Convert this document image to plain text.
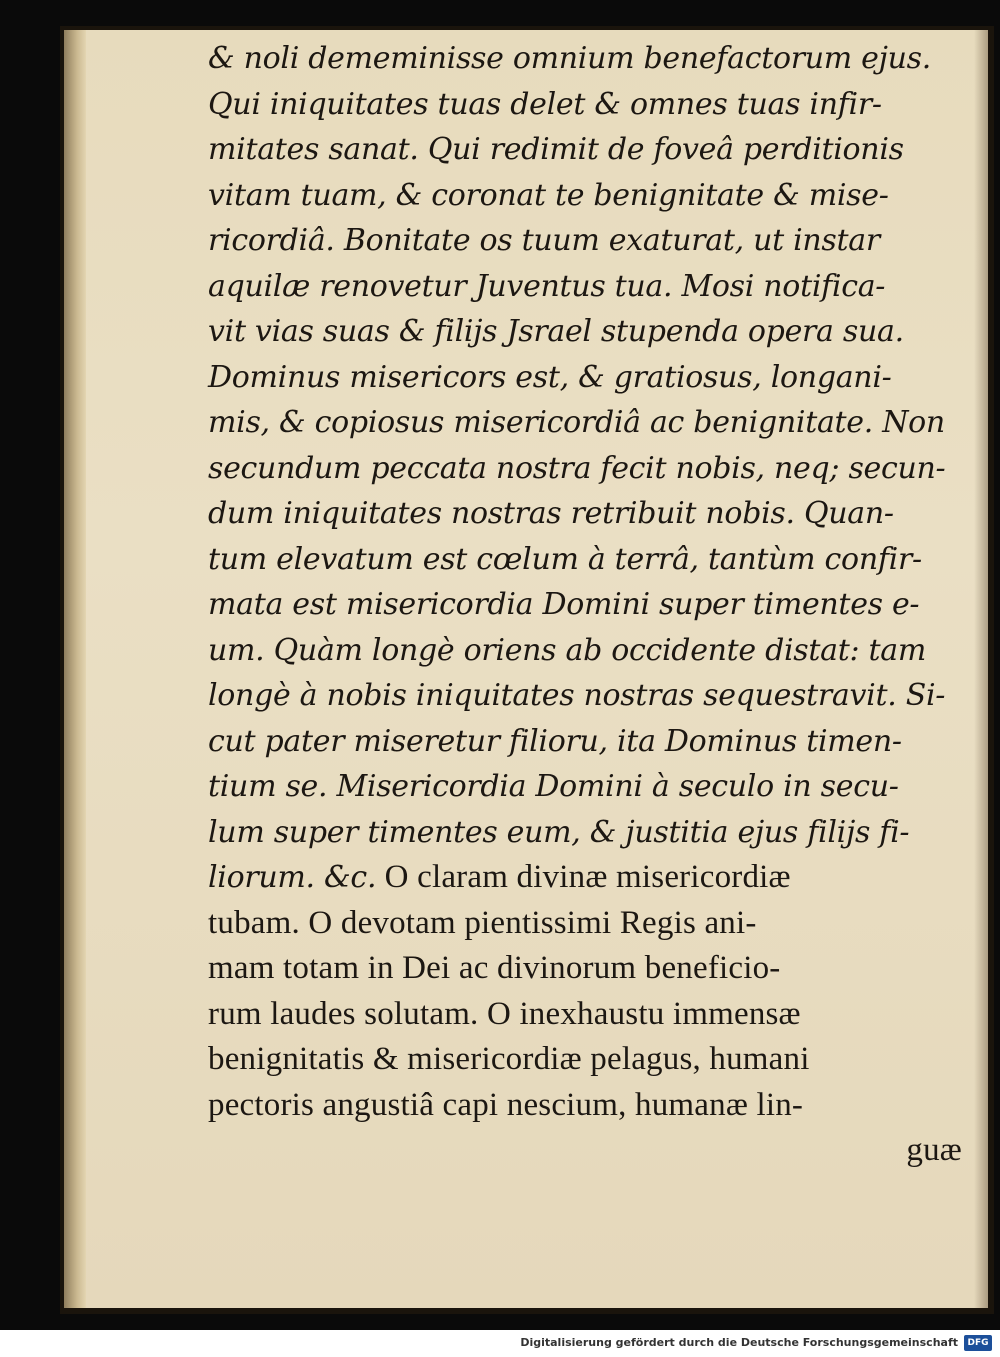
& noli dememinisse omnium benefactorum ejus.
Qui iniquitates tuas delet & omnes tuas infir-
mitates sanat. Qui redimit de foveâ perditionis
vitam tuam, & coronat te benignitate & mise-
ricordiâ. Bonitate os tuum exaturat, ut instar
aquilæ renovetur Juventus tua. Mosi notifica-
vit vias suas & filijs Jsrael stupenda opera sua.
Dominus misericors est, & gratiosus, longani-
mis, & copiosus misericordiâ ac benignitate. Non
secundum peccata nostra fecit nobis, neq; secun-
dum iniquitates nostras retribuit nobis. Quan-
tum elevatum est cœlum à terrâ, tantùm confir-
mata est misericordia Domini super timentes e-
um. Quàm longè oriens ab occidente distat: tam
longè à nobis iniquitates nostras sequestravit. Si-
cut pater miseretur filioru, ita Dominus timen-
tium se. Misericordia Domini à seculo in secu-
lum super timentes eum, & justitia ejus filijs fi-
liorum. &c. O claram divinæ misericordiæ
tubam. O devotam pientissimi Regis ani-
mam totam in Dei ac divinorum beneficio-
rum laudes solutam. O inexhaustu immensæ
benignitatis & misericordiæ pelagus, humani
pectoris angustiâ capi nescium, humanæ lin-
guæ
Digitalisierung gefördert durch die Deutsche Forschungsgemeinschaft	DFG
